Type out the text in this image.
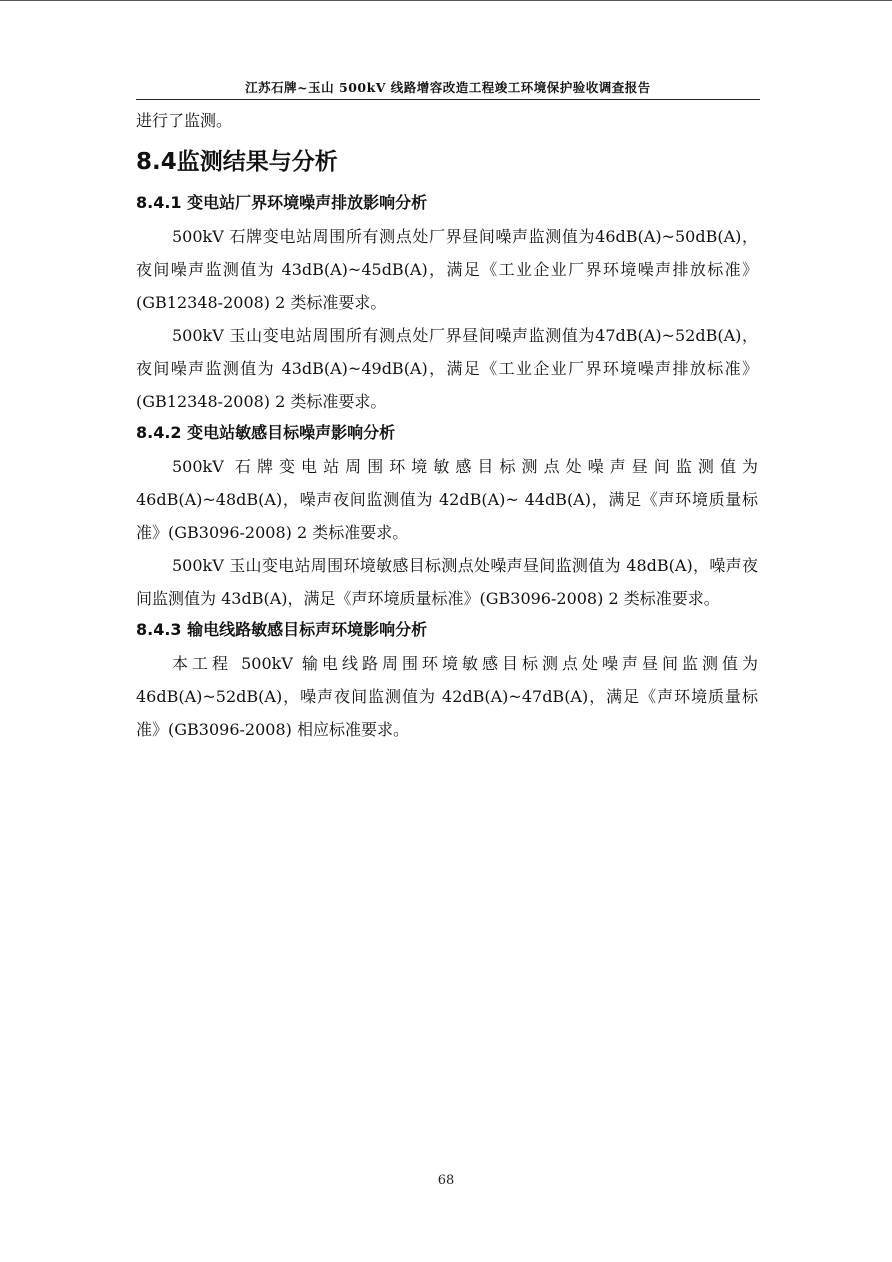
江苏石牌~玉山 500kV 线路增容改造工程竣工环境保护验收调查报告

进行了监测。

8.4监测结果与分析
8.4.1 变电站厂界环境噪声排放影响分析

500kV 石牌变电站周围所有测点处厂界昼间噪声监测值为46dB(A)~50dB(A)，夜间噪声监测值为 43dB(A)~45dB(A)，满足《工业企业厂界环境噪声排放标准》(GB12348-2008) 2 类标准要求。

500kV 玉山变电站周围所有测点处厂界昼间噪声监测值为47dB(A)~52dB(A)，夜间噪声监测值为 43dB(A)~49dB(A)，满足《工业企业厂界环境噪声排放标准》(GB12348-2008) 2 类标准要求。

8.4.2 变电站敏感目标噪声影响分析

500kV 石牌变电站周围环境敏感目标测点处噪声昼间监测值为 46dB(A)~48dB(A)，噪声夜间监测值为 42dB(A)~ 44dB(A)，满足《声环境质量标准》(GB3096-2008) 2 类标准要求。

500kV 玉山变电站周围环境敏感目标测点处噪声昼间监测值为 48dB(A)，噪声夜间监测值为 43dB(A)，满足《声环境质量标准》(GB3096-2008) 2 类标准要求。

8.4.3 输电线路敏感目标声环境影响分析

本工程 500kV 输电线路周围环境敏感目标测点处噪声昼间监测值为46dB(A)~52dB(A)，噪声夜间监测值为 42dB(A)~47dB(A)，满足《声环境质量标准》(GB3096-2008) 相应标准要求。

68
